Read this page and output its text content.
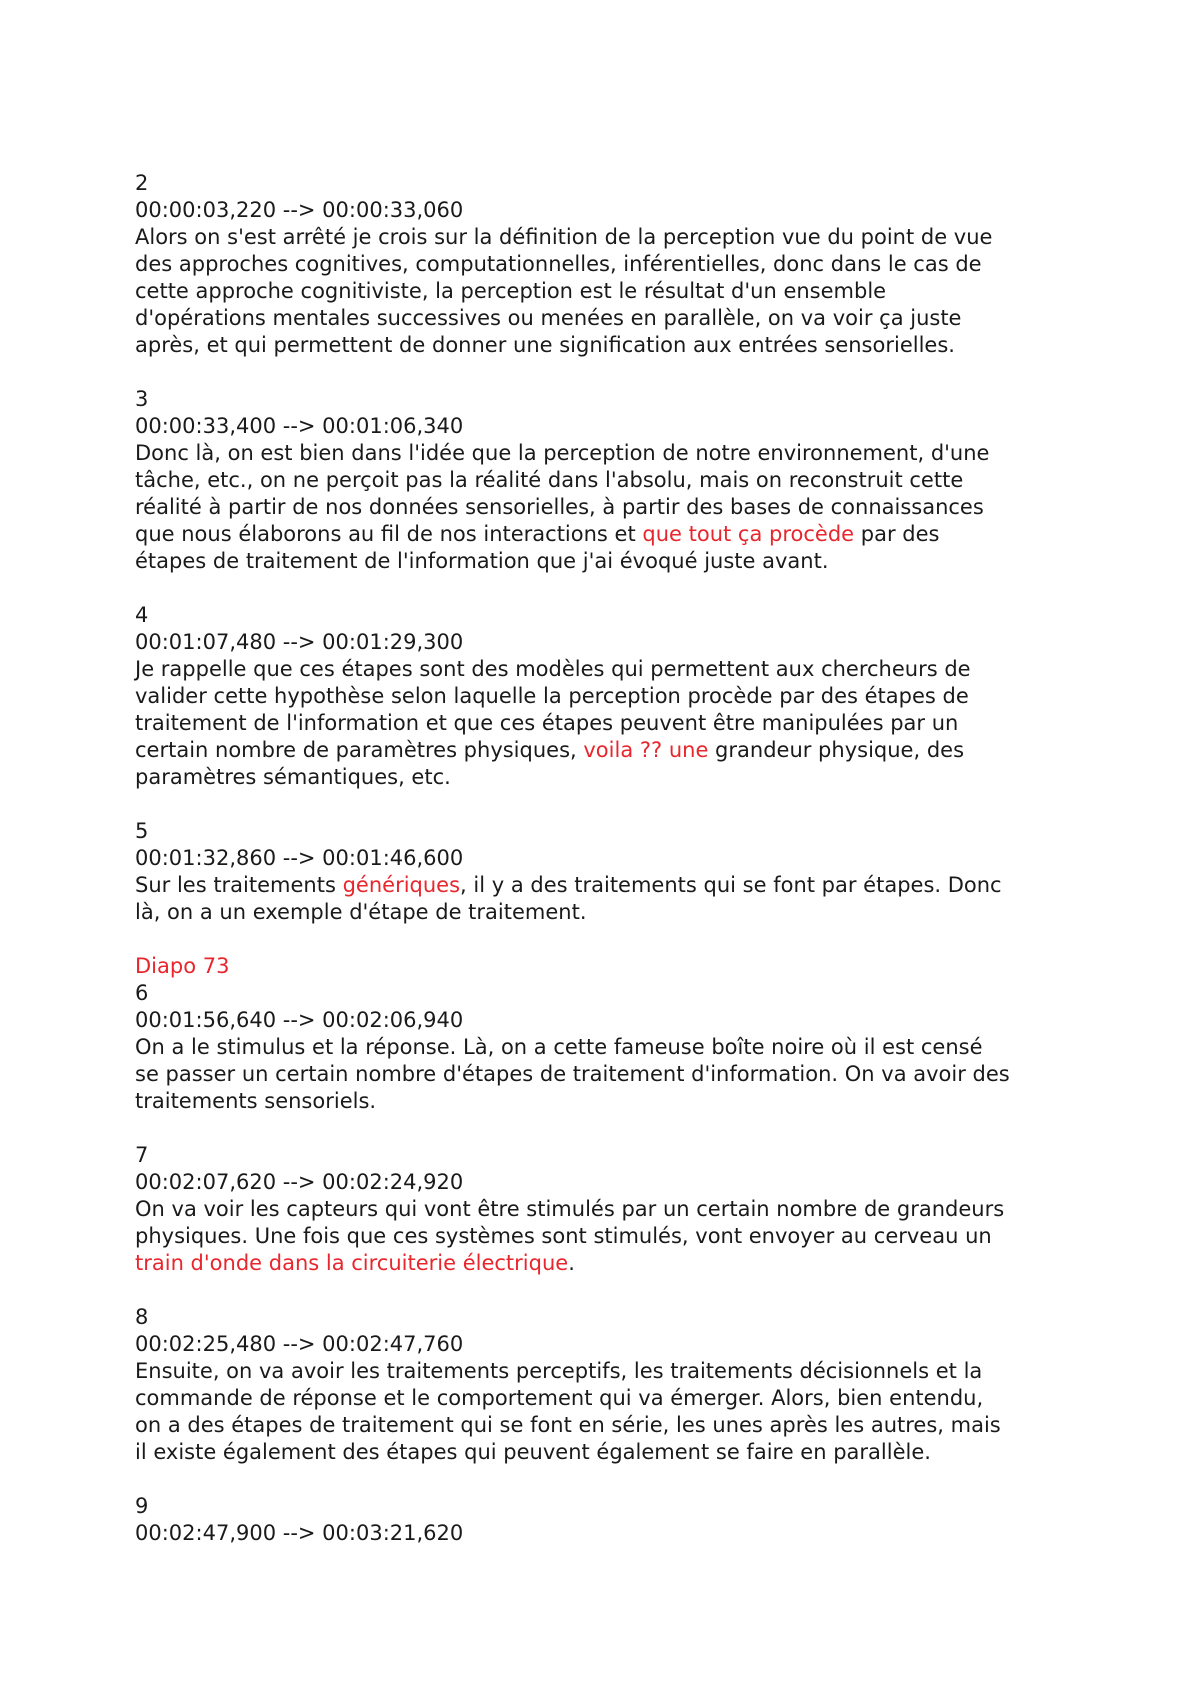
2
00:00:03,220 --> 00:00:33,060
Alors on s'est arrêté je crois sur la définition de la perception vue du point de vue
des approches cognitives, computationnelles, inférentielles, donc dans le cas de
cette approche cognitiviste, la perception est le résultat d'un ensemble
d'opérations mentales successives ou menées en parallèle, on va voir ça juste
après, et qui permettent de donner une signification aux entrées sensorielles.
3
00:00:33,400 --> 00:01:06,340
Donc là, on est bien dans l'idée que la perception de notre environnement, d'une
tâche, etc., on ne perçoit pas la réalité dans l'absolu, mais on reconstruit cette
réalité à partir de nos données sensorielles, à partir des bases de connaissances
que nous élaborons au fil de nos interactions et que tout ça procède par des
étapes de traitement de l'information que j'ai évoqué juste avant.
4
00:01:07,480 --> 00:01:29,300
Je rappelle que ces étapes sont des modèles qui permettent aux chercheurs de
valider cette hypothèse selon laquelle la perception procède par des étapes de
traitement de l'information et que ces étapes peuvent être manipulées par un
certain nombre de paramètres physiques, voila ?? une grandeur physique, des
paramètres sémantiques, etc.
5
00:01:32,860 --> 00:01:46,600
Sur les traitements génériques, il y a des traitements qui se font par étapes. Donc
là, on a un exemple d'étape de traitement.
Diapo 73
6
00:01:56,640 --> 00:02:06,940
On a le stimulus et la réponse. Là, on a cette fameuse boîte noire où il est censé
se passer un certain nombre d'étapes de traitement d'information. On va avoir des
traitements sensoriels.
7
00:02:07,620 --> 00:02:24,920
On va voir les capteurs qui vont être stimulés par un certain nombre de grandeurs
physiques. Une fois que ces systèmes sont stimulés, vont envoyer au cerveau un
train d'onde dans la circuiterie électrique.
8
00:02:25,480 --> 00:02:47,760
Ensuite, on va avoir les traitements perceptifs, les traitements décisionnels et la
commande de réponse et le comportement qui va émerger. Alors, bien entendu,
on a des étapes de traitement qui se font en série, les unes après les autres, mais
il existe également des étapes qui peuvent également se faire en parallèle.
9
00:02:47,900 --> 00:03:21,620
